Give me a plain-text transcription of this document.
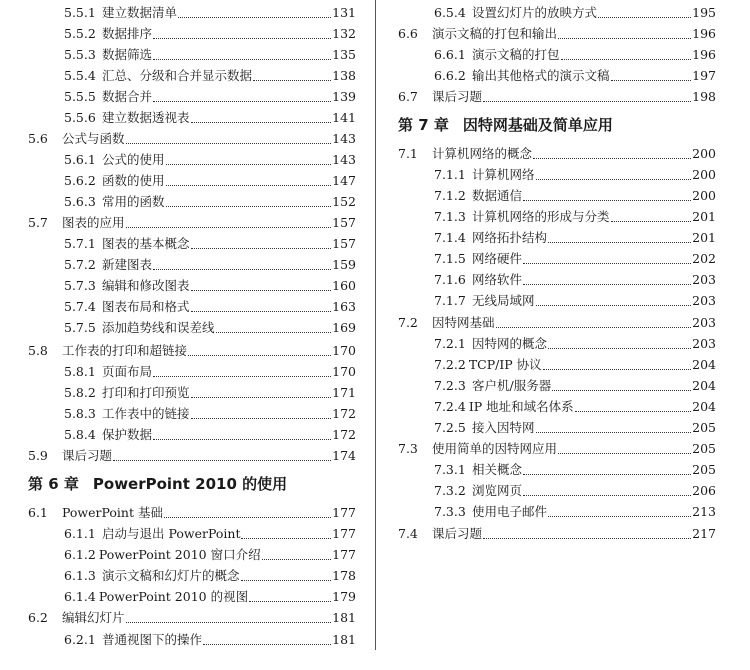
5.5.1 建立数据清单	131
5.5.2 数据排序	132
5.5.3 数据筛选	135
5.5.4 汇总、分级和合并显示数据	138
5.5.5 数据合并	139
5.5.6 建立数据透视表	141
5.6	公式与函数	143
5.6.1 公式的使用	143
5.6.2 函数的使用	147
5.6.3 常用的函数	152
5.7	图表的应用	157
5.7.1 图表的基本概念	157
5.7.2 新建图表	159
5.7.3 编辑和修改图表	160
5.7.4 图表布局和格式	163
5.7.5 添加趋势线和误差线	169
5.8	工作表的打印和超链接	170
5.8.1 页面布局	170
5.8.2 打印和打印预览	171
5.8.3 工作表中的链接	172
5.8.4 保护数据	172
5.9	课后习题	174
第 6 章 PowerPoint 2010 的使用
6.1	PowerPoint 基础	177
6.1.1 启动与退出 PowerPoint	177
6.1.2 PowerPoint 2010 窗口介绍	177
6.1.3 演示文稿和幻灯片的概念	178
6.1.4 PowerPoint 2010 的视图	179
6.2	编辑幻灯片	181
6.2.1 普通视图下的操作	181
6.5.4 设置幻灯片的放映方式	195
6.6	演示文稿的打包和输出	196
6.6.1 演示文稿的打包	196
6.6.2 输出其他格式的演示文稿	197
6.7	课后习题	198
第 7 章 因特网基础及简单应用
7.1	计算机网络的概念	200
7.1.1 计算机网络	200
7.1.2 数据通信	200
7.1.3 计算机网络的形成与分类	201
7.1.4 网络拓扑结构	201
7.1.5 网络硬件	202
7.1.6 网络软件	203
7.1.7 无线局域网	203
7.2	因特网基础	203
7.2.1 因特网的概念	203
7.2.2 TCP/IP 协议	204
7.2.3 客户机/服务器	204
7.2.4 IP 地址和域名体系	204
7.2.5 接入因特网	205
7.3	使用简单的因特网应用	205
7.3.1 相关概念	205
7.3.2 浏览网页	206
7.3.3 使用电子邮件	213
7.4	课后习题	217
